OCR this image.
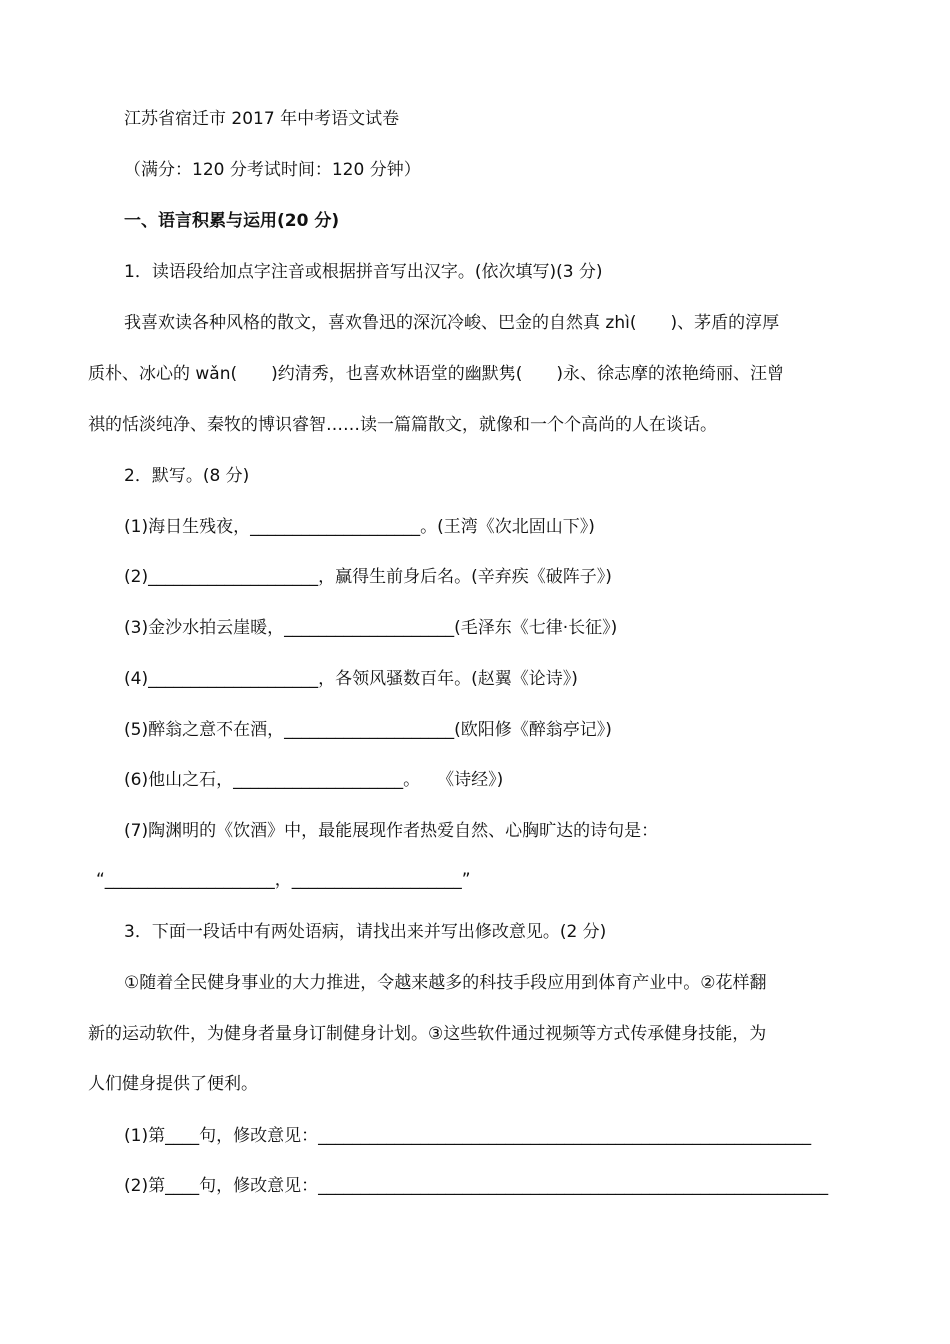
江苏省宿迁市 2017 年中考语文试卷
（满分：120 分考试时间：120 分钟）
一、语言积累与运用(20 分)
1．读语段给加点字注音或根据拼音写出汉字。(依次填写)(3 分)
我喜欢读各种风格的散文，喜欢鲁迅的深沉冷峻、巴金的自然真 zhì(　　)、茅盾的淳厚
质朴、冰心的 wǎn(　　)约清秀，也喜欢林语堂的幽默隽(　　)永、徐志摩的浓艳绮丽、汪曾
祺的恬淡纯净、秦牧的博识睿智……读一篇篇散文，就像和一个个高尚的人在谈话。
2．默写。(8 分)
(1)海日生残夜，____________________。(王湾《次北固山下》)
(2)____________________，赢得生前身后名。(辛弃疾《破阵子》)
(3)金沙水拍云崖暖，____________________(毛泽东《七律·长征》)
(4)____________________，各领风骚数百年。(赵翼《论诗》)
(5)醉翁之意不在酒，____________________(欧阳修《醉翁亭记》)
(6)他山之石，____________________。　　《诗经》)
(7)陶渊明的《饮酒》中，最能展现作者热爱自然、心胸旷达的诗句是：
“____________________，____________________”
3．下面一段话中有两处语病，请找出来并写出修改意见。(2 分)
①随着全民健身事业的大力推进，令越来越多的科技手段应用到体育产业中。②花样翻
新的运动软件，为健身者量身订制健身计划。③这些软件通过视频等方式传承健身技能，为
人们健身提供了便利。
(1)第____句，修改意见：__________________________________________________________
(2)第____句，修改意见：____________________________________________________________
